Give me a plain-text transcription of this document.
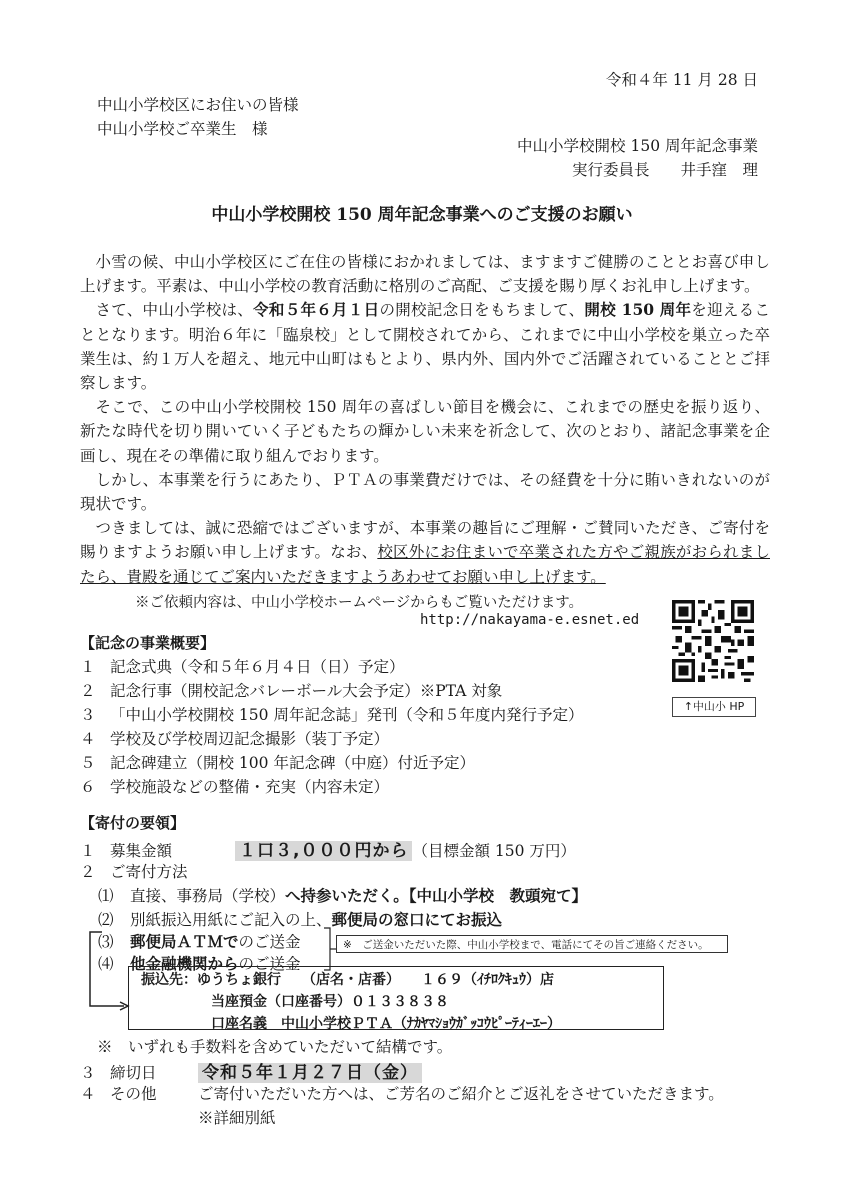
令和４年 11 月 28 日
中山小学校区にお住いの皆様
中山小学校ご卒業生　様
中山小学校開校 150 周年記念事業
実行委員長　　井手窪　理
中山小学校開校 150 周年記念事業へのご支援のお願い

小雪の候、中山小学校区にご在住の皆様におかれましては、ますますご健勝のこととお喜び申し上げます。平素は、中山小学校の教育活動に格別のご高配、ご支援を賜り厚くお礼申し上げます。

さて、中山小学校は、令和５年６月１日の開校記念日をもちまして、開校 150 周年を迎えることとなります。明治６年に「臨泉校」として開校されてから、これまでに中山小学校を巣立った卒業生は、約１万人を超え、地元中山町はもとより、県内外、国内外でご活躍されていることとご拝察します。

そこで、この中山小学校開校 150 周年の喜ばしい節目を機会に、これまでの歴史を振り返り、新たな時代を切り開いていく子どもたちの輝かしい未来を祈念して、次のとおり、諸記念事業を企画し、現在その準備に取り組んでおります。

しかし、本事業を行うにあたり、ＰＴＡの事業費だけでは、その経費を十分に賄いきれないのが現状です。

つきましては、誠に恐縮ではございますが、本事業の趣旨にご理解・ご賛同いただき、ご寄付を賜りますようお願い申し上げます。なお、校区外にお住まいで卒業された方やご親族がおられましたら、貴殿を通じてご案内いただきますようあわせてお願い申し上げます。

※ご依頼内容は、中山小学校ホームページからもご覧いただけます。
http://nakayama-e.esnet.ed
↑中山小 HP
【記念の事業概要】
１ 記念式典（令和５年６月４日（日）予定）
２ 記念行事（開校記念バレーボール大会予定）※PTA 対象
３ 「中山小学校開校 150 周年記念誌」発刊（令和５年度内発行予定）
４ 学校及び学校周辺記念撮影（装丁予定）
５ 記念碑建立（開校 100 年記念碑（中庭）付近予定）
６ 学校施設などの整備・充実（内容未定）
【寄付の要領】
１ 募集金額	１口３,０００円から （目標金額 150 万円）
２ ご寄付方法
⑴ 直接、事務局（学校）へ持参いただく。【中山小学校　教頭宛て】
⑵ 別紙振込用紙にご記入の上、郵便局の窓口にてお振込
⑶ 郵便局ＡＴＭでのご送金
⑷ 他金融機関からのご送金
※　ご送金いただいた際、中山小学校まで、電話にてその旨ご連絡ください。
振込先：ゆうちょ銀行　　（店名・店番）　　１６９（ｲﾁﾛｸｷｭｳ）店
当座預金（口座番号）０１３３８３８
口座名義　中山小学校ＰＴＡ（ﾅｶﾔﾏｼｮｳｶﾞｯｺｳﾋﾟｰﾃｨｰｴｰ）
※　いずれも手数料を含めていただいて結構です。
３ 締切日	令和５年１月２７日（金）
４ その他	ご寄付いただいた方へは、ご芳名のご紹介とご返礼をさせていただきます。
※詳細別紙
